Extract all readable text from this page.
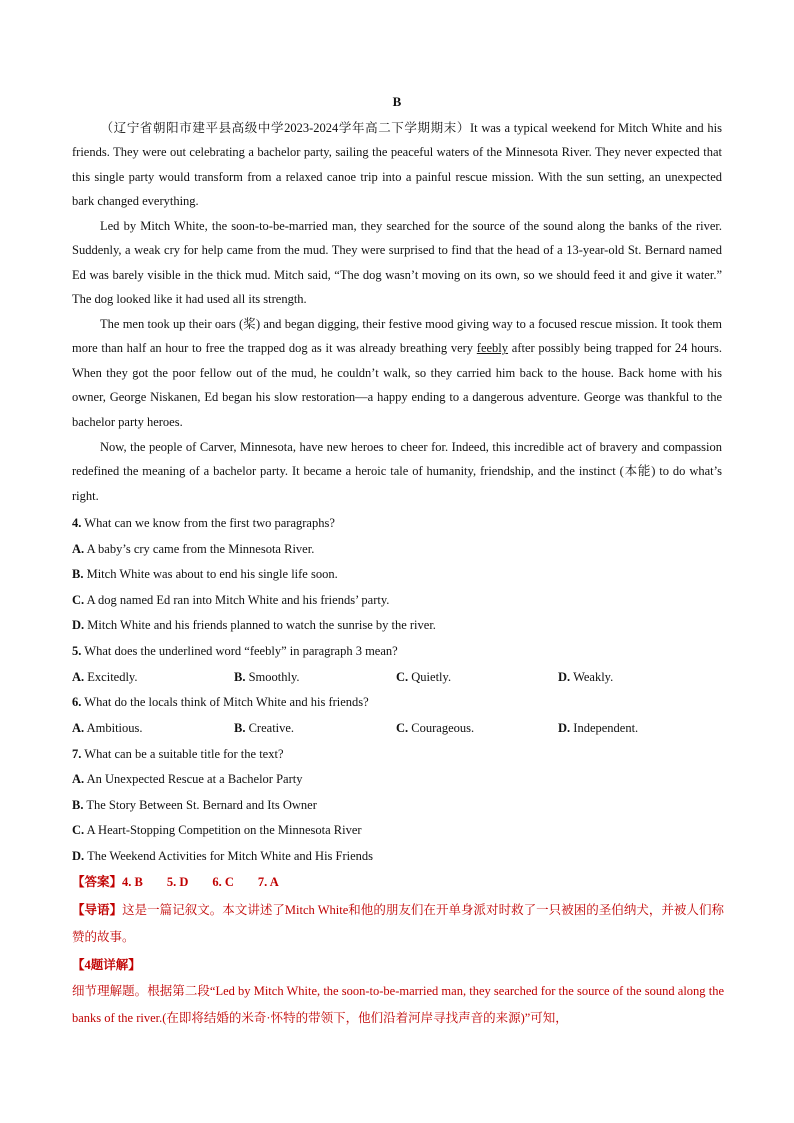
B

（辽宁省朝阳市建平县高级中学2023-2024学年高二下学期期末）It was a typical weekend for Mitch White and his friends. They were out celebrating a bachelor party, sailing the peaceful waters of the Minnesota River. They never expected that this single party would transform from a relaxed canoe trip into a painful rescue mission. With the sun setting, an unexpected bark changed everything.

Led by Mitch White, the soon-to-be-married man, they searched for the source of the sound along the banks of the river. Suddenly, a weak cry for help came from the mud. They were surprised to find that the head of a 13-year-old St. Bernard named Ed was barely visible in the thick mud. Mitch said, “The dog wasn’t moving on its own, so we should feed it and give it water.” The dog looked like it had used all its strength.

The men took up their oars (桨) and began digging, their festive mood giving way to a focused rescue mission. It took them more than half an hour to free the trapped dog as it was already breathing very feebly after possibly being trapped for 24 hours. When they got the poor fellow out of the mud, he couldn’t walk, so they carried him back to the house. Back home with his owner, George Niskanen, Ed began his slow restoration—a happy ending to a dangerous adventure. George was thankful to the bachelor party heroes.

Now, the people of Carver, Minnesota, have new heroes to cheer for. Indeed, this incredible act of bravery and compassion redefined the meaning of a bachelor party. It became a heroic tale of humanity, friendship, and the instinct (本能) to do what’s right.

4. What can we know from the first two paragraphs?
A. A baby’s cry came from the Minnesota River.
B. Mitch White was about to end his single life soon.
C. A dog named Ed ran into Mitch White and his friends’ party.
D. Mitch White and his friends planned to watch the sunrise by the river.
5. What does the underlined word “feebly” in paragraph 3 mean?
A. Excitedly.	B. Smoothly.	C. Quietly.	D. Weakly.
6. What do the locals think of Mitch White and his friends?
A. Ambitious.	B. Creative.	C. Courageous.	D. Independent.
7. What can be a suitable title for the text?
A. An Unexpected Rescue at a Bachelor Party
B. The Story Between St. Bernard and Its Owner
C. A Heart-Stopping Competition on the Minnesota River
D. The Weekend Activities for Mitch White and His Friends
【答案】4. B 5. D 6. C 7. A

【导语】这是一篇记叙文。本文讲述了Mitch White和他的朋友们在开单身派对时救了一只被困的圣伯纳犬，并被人们称赞的故事。

【4题详解】

细节理解题。根据第二段“Led by Mitch White, the soon-to-be-married man, they searched for the source of the sound along the banks of the river.(在即将结婚的米奇·怀特的带领下，他们沿着河岸寻找声音的来源)”可知，
